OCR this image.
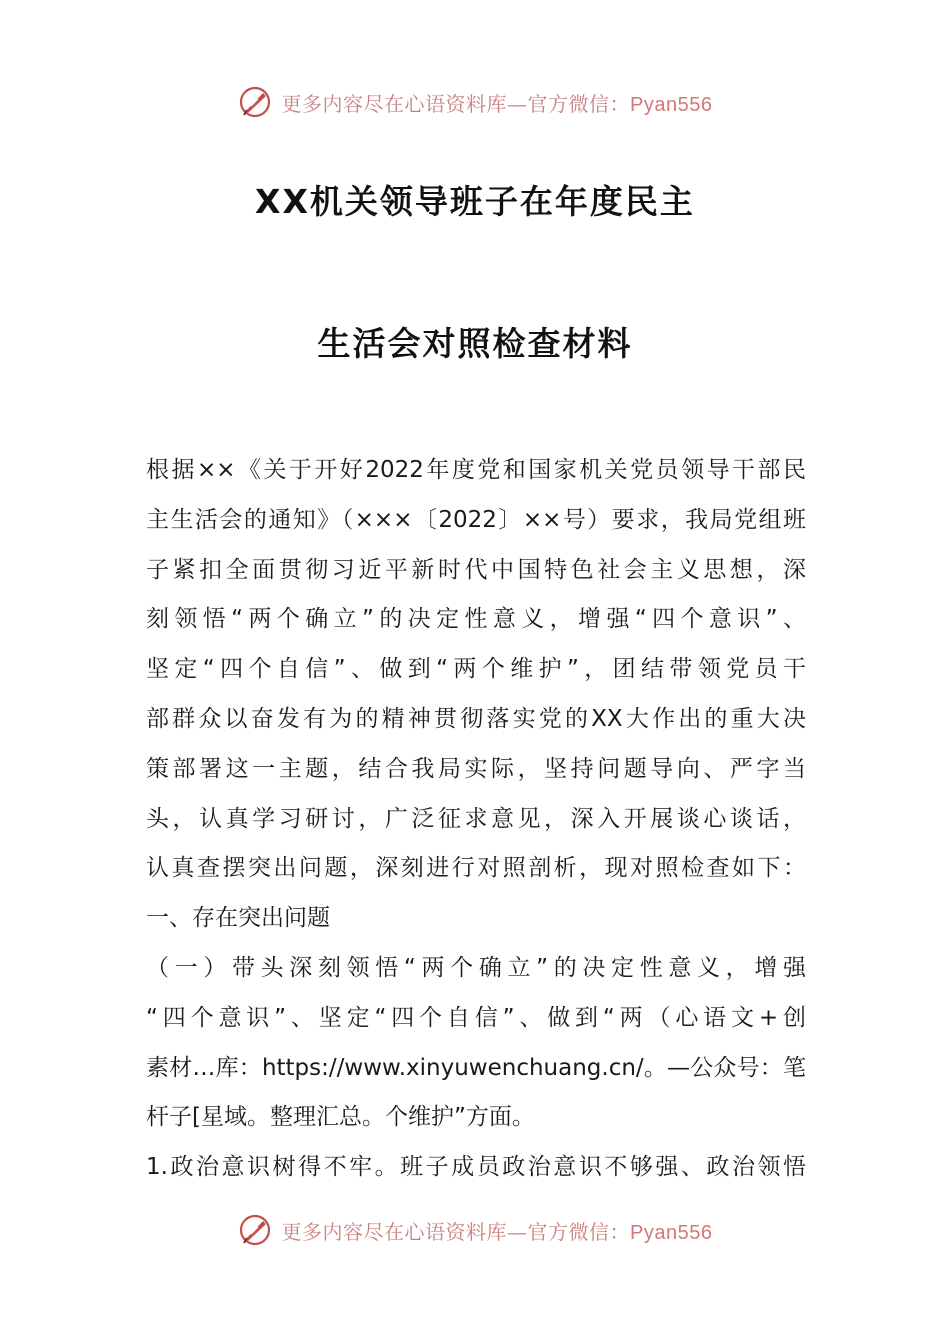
更多内容尽在心语资料库—官方微信：Pyan556
XX机关领导班子在年度民主
生活会对照检查材料
根据××《关于开好2022年度党和国家机关党员领导干部民
主生活会的通知》（×××〔2022〕××号）要求，我局党组班
子紧扣全面贯彻习近平新时代中国特色社会主义思想，深
刻领悟“两个确立”的决定性意义，增强“四个意识”、
坚定“四个自信”、做到“两个维护”，团结带领党员干
部群众以奋发有为的精神贯彻落实党的XX大作出的重大决
策部署这一主题，结合我局实际，坚持问题导向、严字当
头，认真学习研讨，广泛征求意见，深入开展谈心谈话，
认真查摆突出问题，深刻进行对照剖析，现对照检查如下：
一、存在突出问题
（一）带头深刻领悟“两个确立”的决定性意义，增强
“四个意识”、坚定“四个自信”、做到“两（心语文+创
素材…库：https://www.xinyuwenchuang.cn/。—公众号：笔
杆子[星域。整理汇总。个维护”方面。
1.政治意识树得不牢。班子成员政治意识不够强、政治领悟
更多内容尽在心语资料库—官方微信：Pyan556
